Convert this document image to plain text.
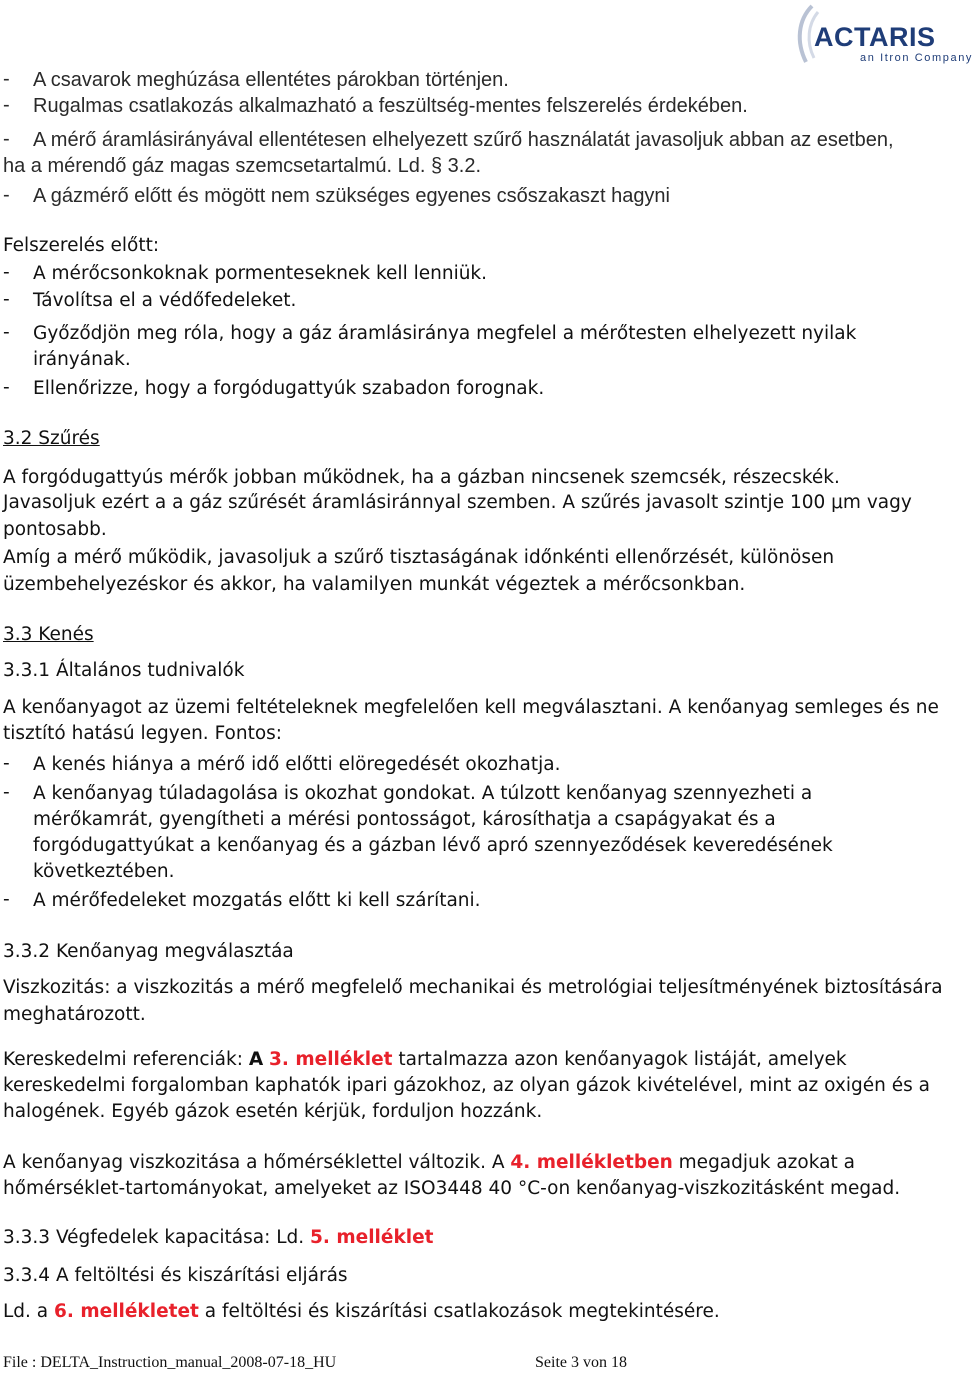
ACTARIS
an Itron Company
- A csavarok meghúzása ellentétes párokban történjen.
- Rugalmas csatlakozás alkalmazható a feszültség-mentes felszerelés érdekében.
- A mérő áramlásirányával ellentétesen elhelyezett szűrő használatát javasoljuk abban az esetben,
ha a mérendő gáz magas szemcsetartalmú. Ld. § 3.2.
- A gázmérő előtt és mögött nem szükséges egyenes csőszakaszt hagyni
Felszerelés előtt:
- A mérőcsonkoknak pormenteseknek kell lenniük.
- Távolítsa el a védőfedeleket.
- Győződjön meg róla, hogy a gáz áramlásiránya megfelel a mérőtesten elhelyezett nyilak
irányának.
- Ellenőrizze, hogy a forgódugattyúk szabadon forognak.
3.2 Szűrés
A forgódugattyús mérők jobban működnek, ha a gázban nincsenek szemcsék, részecskék.
Javasoljuk ezért a a gáz szűrését áramlásiránnyal szemben. A szűrés javasolt szintje 100 μm vagy
pontosabb.
Amíg a mérő működik, javasoljuk a szűrő tisztaságának időnkénti ellenőrzését, különösen
üzembehelyezéskor és akkor, ha valamilyen munkát végeztek a mérőcsonkban.
3.3 Kenés
3.3.1 Általános tudnivalók
A kenőanyagot az üzemi feltételeknek megfelelően kell megválasztani. A kenőanyag semleges és ne
tisztító hatású legyen. Fontos:
- A kenés hiánya a mérő idő előtti elöregedését okozhatja.
- A kenőanyag túladagolása is okozhat gondokat. A túlzott kenőanyag szennyezheti a
mérőkamrát, gyengítheti a mérési pontosságot, károsíthatja a csapágyakat és a
forgódugattyúkat a kenőanyag és a gázban lévő apró szennyeződések keveredésének
következtében.
- A mérőfedeleket mozgatás előtt ki kell szárítani.
3.3.2 Kenőanyag megválasztáa
Viszkozitás: a viszkozitás a mérő megfelelő mechanikai és metrológiai teljesítményének biztosítására
meghatározott.
Kereskedelmi referenciák: A 3. melléklet tartalmazza azon kenőanyagok listáját, amelyek
kereskedelmi forgalomban kaphatók ipari gázokhoz, az olyan gázok kivételével, mint az oxigén és a
halogének. Egyéb gázok esetén kérjük, forduljon hozzánk.
A kenőanyag viszkozitása a hőmérséklettel változik. A 4. mellékletben megadjuk azokat a
hőmérséklet-tartományokat, amelyeket az ISO3448 40 °C-on kenőanyag-viszkozitásként megad.
3.3.3 Végfedelek kapacitása: Ld. 5. melléklet
3.3.4 A feltöltési és kiszárítási eljárás
Ld. a 6. mellékletet a feltöltési és kiszárítási csatlakozások megtekintésére.
File : DELTA_Instruction_manual_2008-07-18_HU	Seite 3 von 18
